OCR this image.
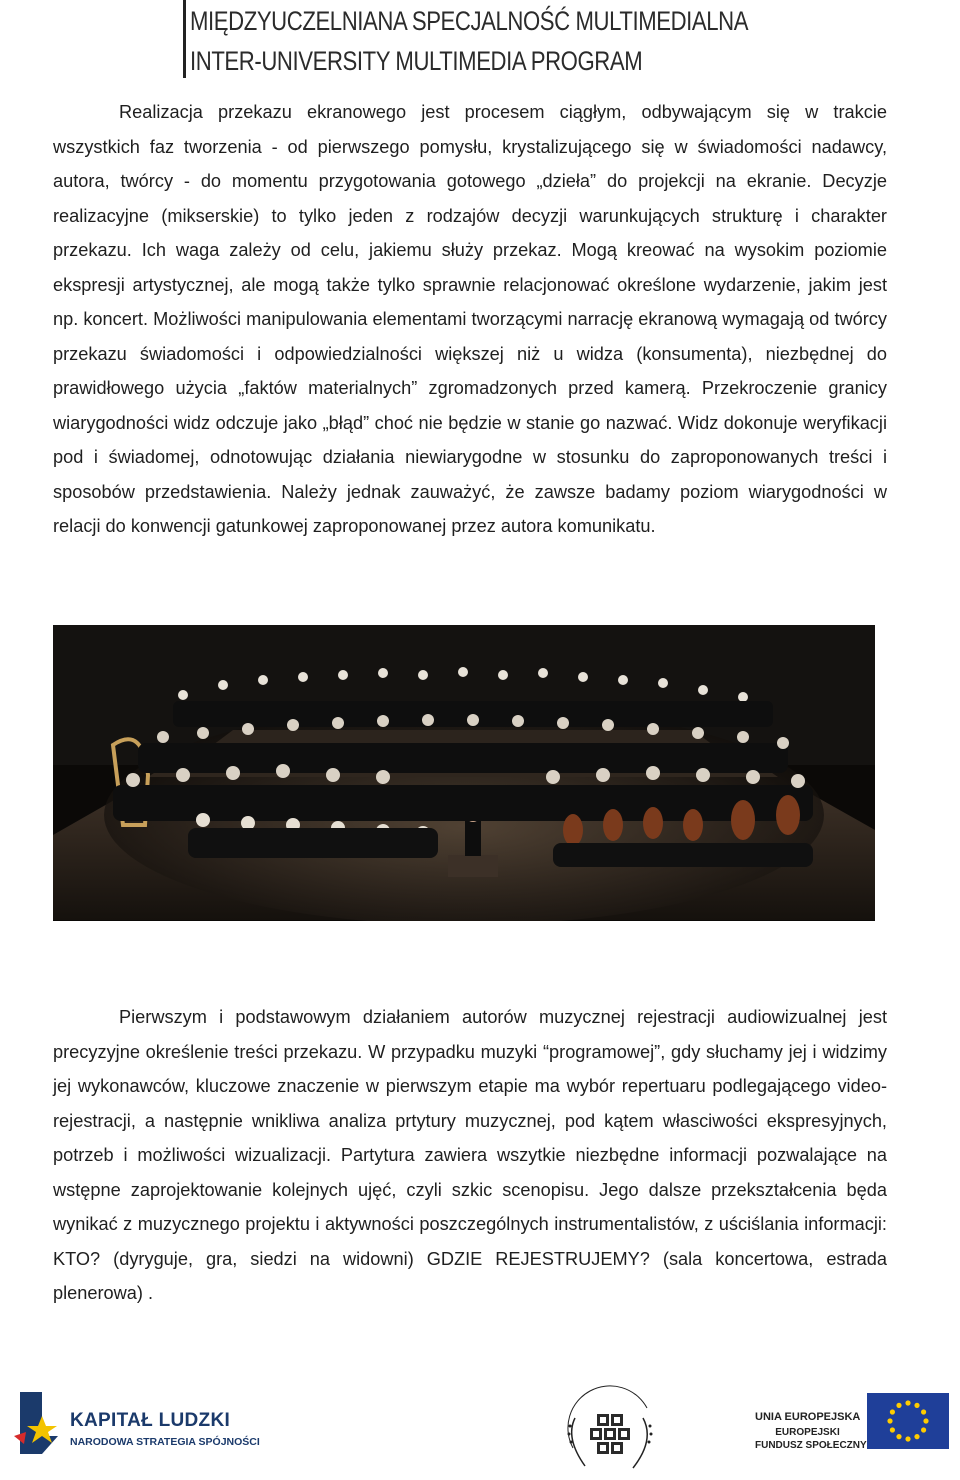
MIĘDZYUCZELNIANA SPECJALNOŚĆ MULTIMEDIALNA
INTER-UNIVERSITY MULTIMEDIA PROGRAM

Realizacja przekazu ekranowego jest procesem ciągłym, odbywającym się w trakcie wszystkich faz tworzenia - od pierwszego pomysłu, krystalizującego się w świadomości nadawcy, autora, twórcy - do momentu przygotowania gotowego „dzieła” do projekcji na ekranie. Decyzje realizacyjne (mikserskie) to tylko jeden z rodzajów decyzji warunkujących strukturę i charakter przekazu. Ich waga zależy od celu, jakiemu służy przekaz. Mogą kreować na wysokim poziomie ekspresji artystycznej, ale mogą także tylko sprawnie relacjonować określone wydarzenie, jakim jest np. koncert. Możliwości manipulowania elementami tworzącymi narrację ekranową wymagają od twórcy przekazu świadomości i odpowiedzialności większej niż u widza (konsumenta), niezbędnej do prawidłowego użycia „faktów materialnych” zgromadzonych przed kamerą. Przekroczenie granicy wiarygodności widz odczuje jako „błąd” choć nie będzie w stanie go nazwać. Widz dokonuje weryfikacji pod i świadomej, odnotowując działania niewiarygodne w stosunku do zaproponowanych treści i sposobów przedstawienia. Należy jednak zauważyć, że zawsze badamy poziom wiarygodności w relacji do konwencji gatunkowej zaproponowanej przez autora komunikatu.

Pierwszym i podstawowym działaniem autorów muzycznej rejestracji audiowizualnej jest precyzyjne określenie treści przekazu. W przypadku muzyki “programowej”, gdy słuchamy jej i widzimy jej wykonawców, kluczowe znaczenie w pierwszym etapie ma wybór repertuaru podlegającego video-rejestracji, a następnie wnikliwa analiza prtytury muzycznej, pod kątem własciwości ekspresyjnych, potrzeb i możliwości wizualizacji. Partytura zawiera wszytkie niezbędne informacji pozwalające na wstępne zaprojektowanie kolejnych ujęć, czyli szkic scenopisu. Jego dalsze przekształcenia będa wynikać z muzycznego projektu i aktywności poszczególnych instrumentalistów, z uściślania informacji: KTO? (dyryguje, gra, siedzi na widowni) GDZIE REJESTRUJEMY? (sala koncertowa, estrada plenerowa) .

KAPITAŁ LUDZKI
NARODOWA STRATEGIA SPÓJNOŚCI
UNIA EUROPEJSKA
EUROPEJSKI
FUNDUSZ SPOŁECZNY
